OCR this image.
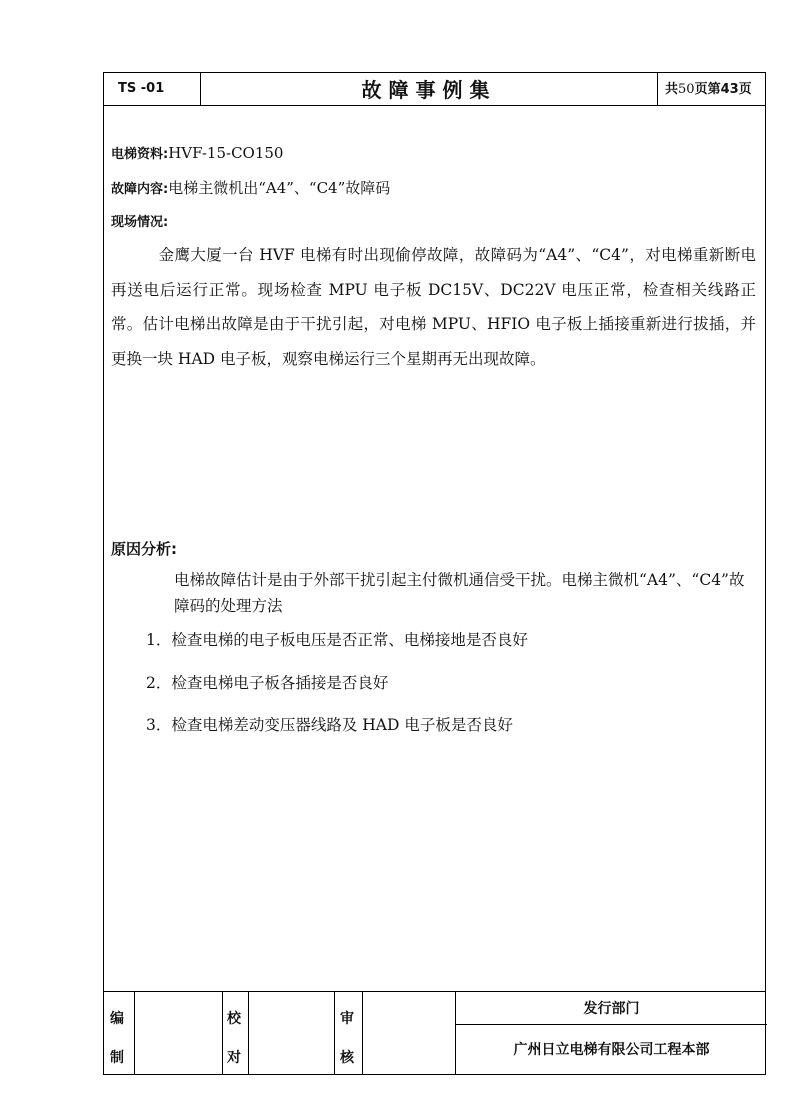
TS -01	故障事例集	共50页第43页
电梯资料:HVF-15-CO150
故障内容:电梯主微机出“A4”、“C4”故障码
现场情况:
　　　金鹰大厦一台 HVF 电梯有时出现偷停故障，故障码为“A4”、“C4”，对电梯重新断电再送电后运行正常。现场检查 MPU 电子板 DC15V、DC22V 电压正常，检查相关线路正常。估计电梯出故障是由于干扰引起，对电梯 MPU、HFIO 电子板上插接重新进行拔插，并更换一块 HAD 电子板，观察电梯运行三个星期再无出现故障。
原因分析:
电梯故障估计是由于外部干扰引起主付微机通信受干扰。电梯主微机“A4”、“C4”故障码的处理方法
1．检查电梯的电子板电压是否正常、电梯接地是否良好
2．检查电梯电子板各插接是否良好
3．检查电梯差动变压器线路及 HAD 电子板是否良好
编
制
校
对
审
核
发行部门
广州日立电梯有限公司工程本部
